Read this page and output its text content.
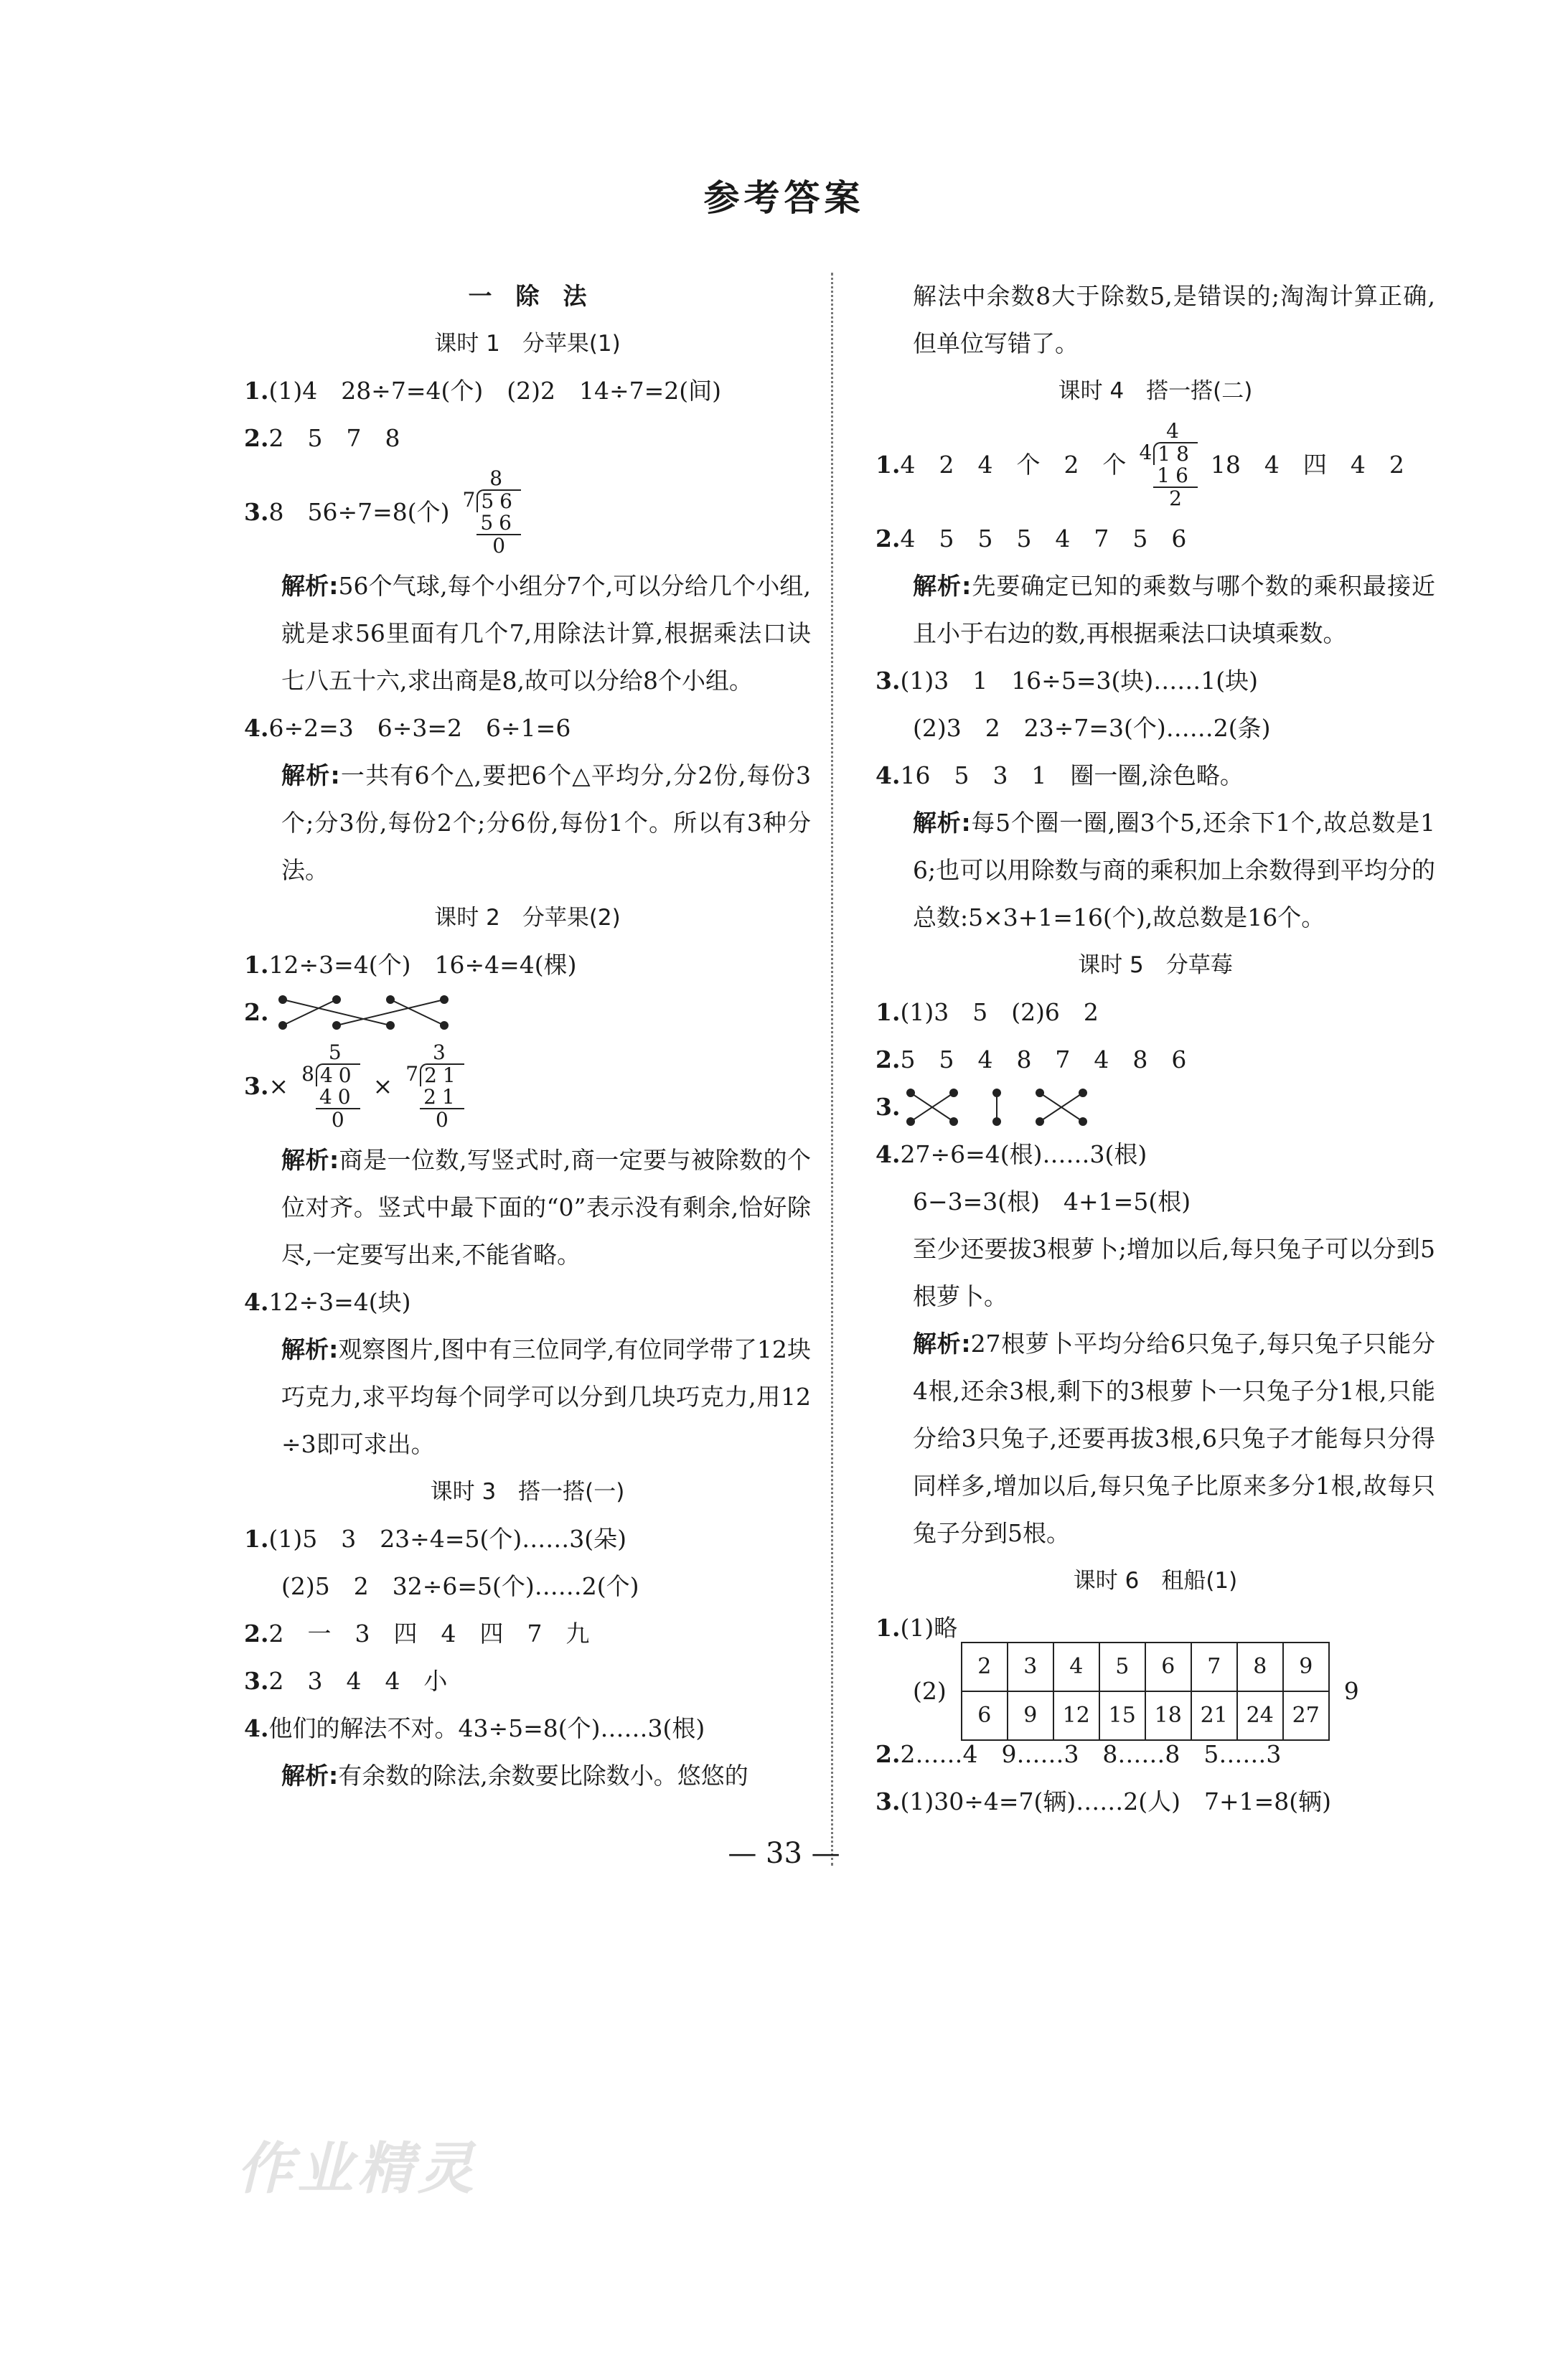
参考答案
一　除　法
课时 1　分苹果(1)
1.(1)4　28÷7=4(个)　(2)2　14÷7=2(间)
2.2　5　7　8
3. 8　56÷7=8(个)
8
7 56
56
0
解析:56个气球,每个小组分7个,可以分给几个小组,就是求56里面有几个7,用除法计算,根据乘法口诀七八五十六,求出商是8,故可以分给8个小组。
4.6÷2=3　6÷3=2　6÷1=6
解析:一共有6个△,要把6个△平均分,分2份,每份3个;分3份,每份2个;分6份,每份1个。所以有3种分法。
课时 2　分苹果(2)
1.12÷3=4(个)　16÷4=4(棵)
2.
3. ×
5
8 40
40
0
×
3
7 21
21
0
解析:商是一位数,写竖式时,商一定要与被除数的个位对齐。竖式中最下面的“0”表示没有剩余,恰好除尽,一定要写出来,不能省略。
4.12÷3=4(块)
解析:观察图片,图中有三位同学,有位同学带了12块巧克力,求平均每个同学可以分到几块巧克力,用12÷3即可求出。
课时 3　搭一搭(一)
1.(1)5　3　23÷4=5(个)……3(朵)
(2)5　2　32÷6=5(个)……2(个)
2.2　一　3　四　4　四　7　九
3.2　3　4　4　小
4.他们的解法不对。43÷5=8(个)……3(根)
解析:有余数的除法,余数要比除数小。悠悠的
解法中余数8大于除数5,是错误的;淘淘计算正确,但单位写错了。
课时 4　搭一搭(二)
1. 4　2　4　个　2　个
4
4 18
16
2
18　4　四　4　2
2.4　5　5　5　4　7　5　6
解析:先要确定已知的乘数与哪个数的乘积最接近且小于右边的数,再根据乘法口诀填乘数。
3.(1)3　1　16÷5=3(块)……1(块)
(2)3　2　23÷7=3(个)……2(条)
4.16　5　3　1　圈一圈,涂色略。
解析:每5个圈一圈,圈3个5,还余下1个,故总数是16;也可以用除数与商的乘积加上余数得到平均分的总数:5×3+1=16(个),故总数是16个。
课时 5　分草莓
1.(1)3　5　(2)6　2
2.5　5　4　8　7　4　8　6
3.
4.27÷6=4(根)……3(根)
6−3=3(根)　4+1=5(根)
至少还要拔3根萝卜;增加以后,每只兔子可以分到5根萝卜。
解析:27根萝卜平均分给6只兔子,每只兔子只能分4根,还余3根,剩下的3根萝卜一只兔子分1根,只能分给3只兔子,还要再拔3根,6只兔子才能每只分得同样多,增加以后,每只兔子比原来多分1根,故每只兔子分到5根。
课时 6　租船(1)
1.(1)略
(2)
2	3	4	5	6	7	8	9
6	9	12	15	18	21	24	27
9
2.2……4　9……3　8……8　5……3
3.(1)30÷4=7(辆)……2(人)　7+1=8(辆)
— 33 —
作业精灵
